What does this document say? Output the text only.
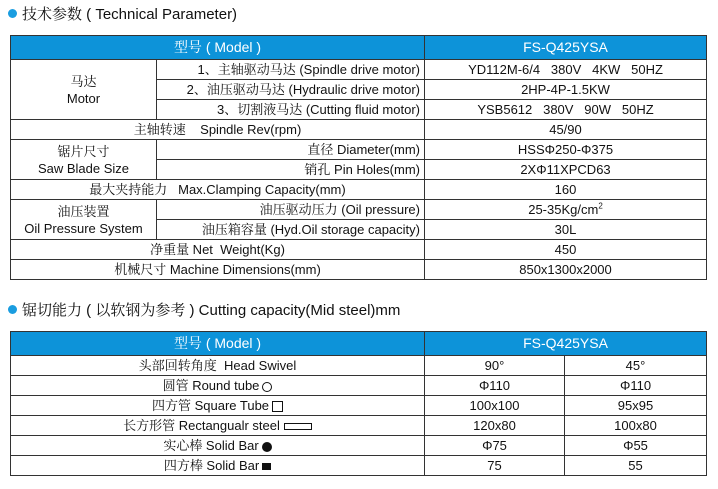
技术参数 ( Technical Parameter)
型号 ( Model )		FS-Q425YSA

马达
Motor	1、主轴驱动马达 (Spindle drive motor)	YD112M-6/4   380V   4KW   50HZ
	2、油压驱动马达 (Hydraulic drive motor)	2HP-4P-1.5KW
	3、切割液马达 (Cutting fluid motor)	YSB5612   380V   90W   50HZ
主轴转速    Spindle Rev(rpm)		45/90

锯片尺寸
Saw Blade Size	直径 Diameter(mm)	HSSΦ250-Φ375
	销孔 Pin Holes(mm)	2XΦ11XPCD63
最大夹持能力   Max.Clamping Capacity(mm)		160

油压装置
Oil Pressure System	油压驱动压力 (Oil pressure)	$25-35Kg/cm^2$
	油压箱容量 (Hyd.Oil storage capacity)	30L
净重量 Net  Weight(Kg)		450
机械尺寸 Machine Dimensions(mm)		850x1300x2000
锯切能力 ( 以软钢为参考 ) Cutting capacity(Mid steel)mm
型号 ( Model )	FS-Q425YSA	
头部回转角度  Head Swivel	90°	45°
圆管 Round tube	Φ110	Φ110
四方管 Square Tube	100x100	95x95
长方形管 Rectangualr steel	120x80	100x80
实心棒 Solid Bar	Φ75	Φ55
四方棒 Solid Bar	75	55
